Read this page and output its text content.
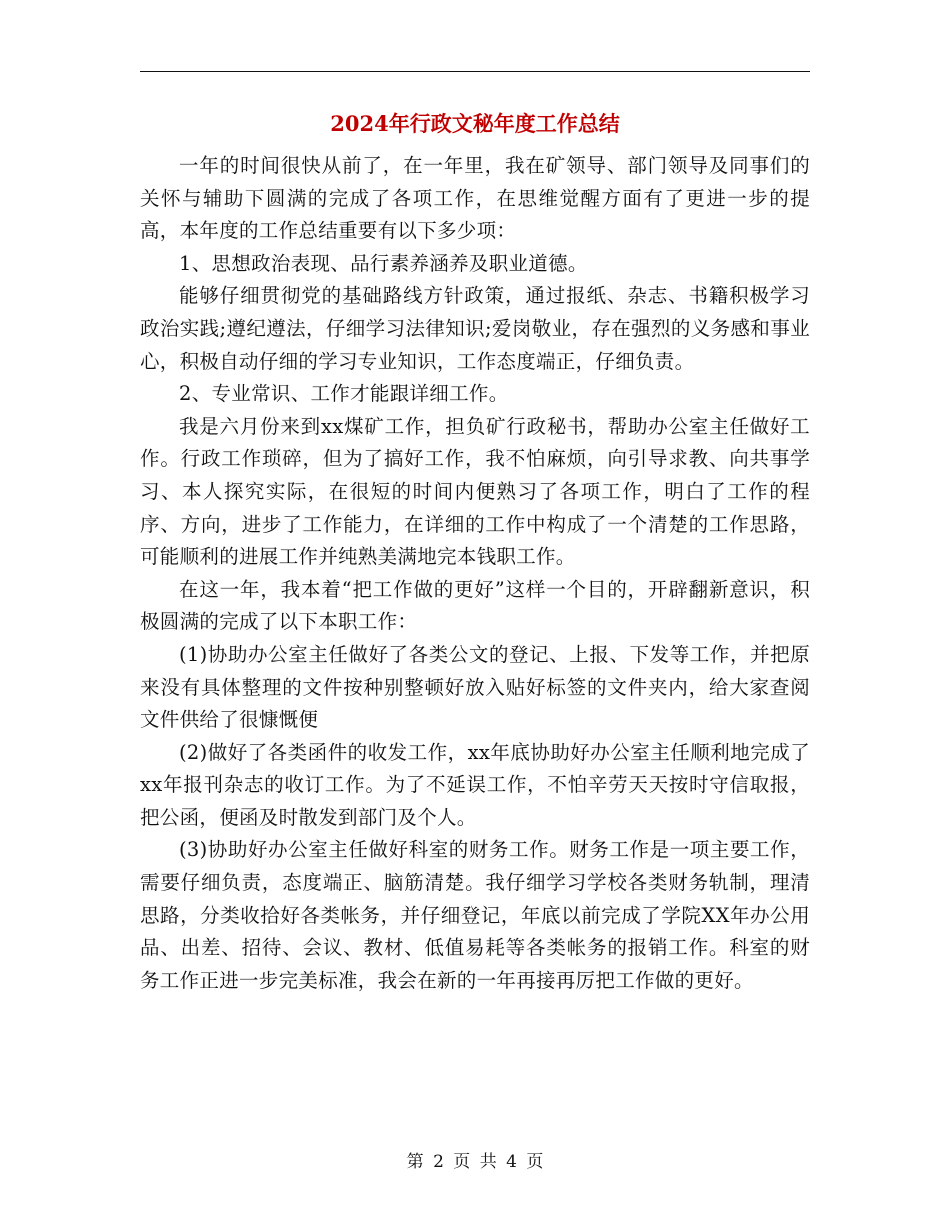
2024年行政文秘年度工作总结

一年的时间很快从前了，在一年里，我在矿领导、部门领导及同事们的关怀与辅助下圆满的完成了各项工作，在思维觉醒方面有了更进一步的提高，本年度的工作总结重要有以下多少项：

1、思想政治表现、品行素养涵养及职业道德。

能够仔细贯彻党的基础路线方针政策，通过报纸、杂志、书籍积极学习政治实践;遵纪遵法，仔细学习法律知识;爱岗敬业，存在强烈的义务感和事业心，积极自动仔细的学习专业知识，工作态度端正，仔细负责。

2、专业常识、工作才能跟详细工作。

我是六月份来到xx煤矿工作，担负矿行政秘书，帮助办公室主任做好工作。行政工作琐碎，但为了搞好工作，我不怕麻烦，向引导求教、向共事学习、本人探究实际，在很短的时间内便熟习了各项工作，明白了工作的程序、方向，进步了工作能力，在详细的工作中构成了一个清楚的工作思路，可能顺利的进展工作并纯熟美满地完本钱职工作。

在这一年，我本着“把工作做的更好”这样一个目的，开辟翻新意识，积极圆满的完成了以下本职工作：

(1)协助办公室主任做好了各类公文的登记、上报、下发等工作，并把原来没有具体整理的文件按种别整顿好放入贴好标签的文件夹内，给大家查阅文件供给了很慷慨便

(2)做好了各类函件的收发工作，xx年底协助好办公室主任顺利地完成了xx年报刊杂志的收订工作。为了不延误工作，不怕辛劳天天按时守信取报，把公函，便函及时散发到部门及个人。

(3)协助好办公室主任做好科室的财务工作。财务工作是一项主要工作，需要仔细负责，态度端正、脑筋清楚。我仔细学习学校各类财务轨制，理清思路，分类收拾好各类帐务，并仔细登记，年底以前完成了学院XX年办公用品、出差、招待、会议、教材、低值易耗等各类帐务的报销工作。科室的财务工作正进一步完美标准，我会在新的一年再接再厉把工作做的更好。

第 2 页 共 4 页
